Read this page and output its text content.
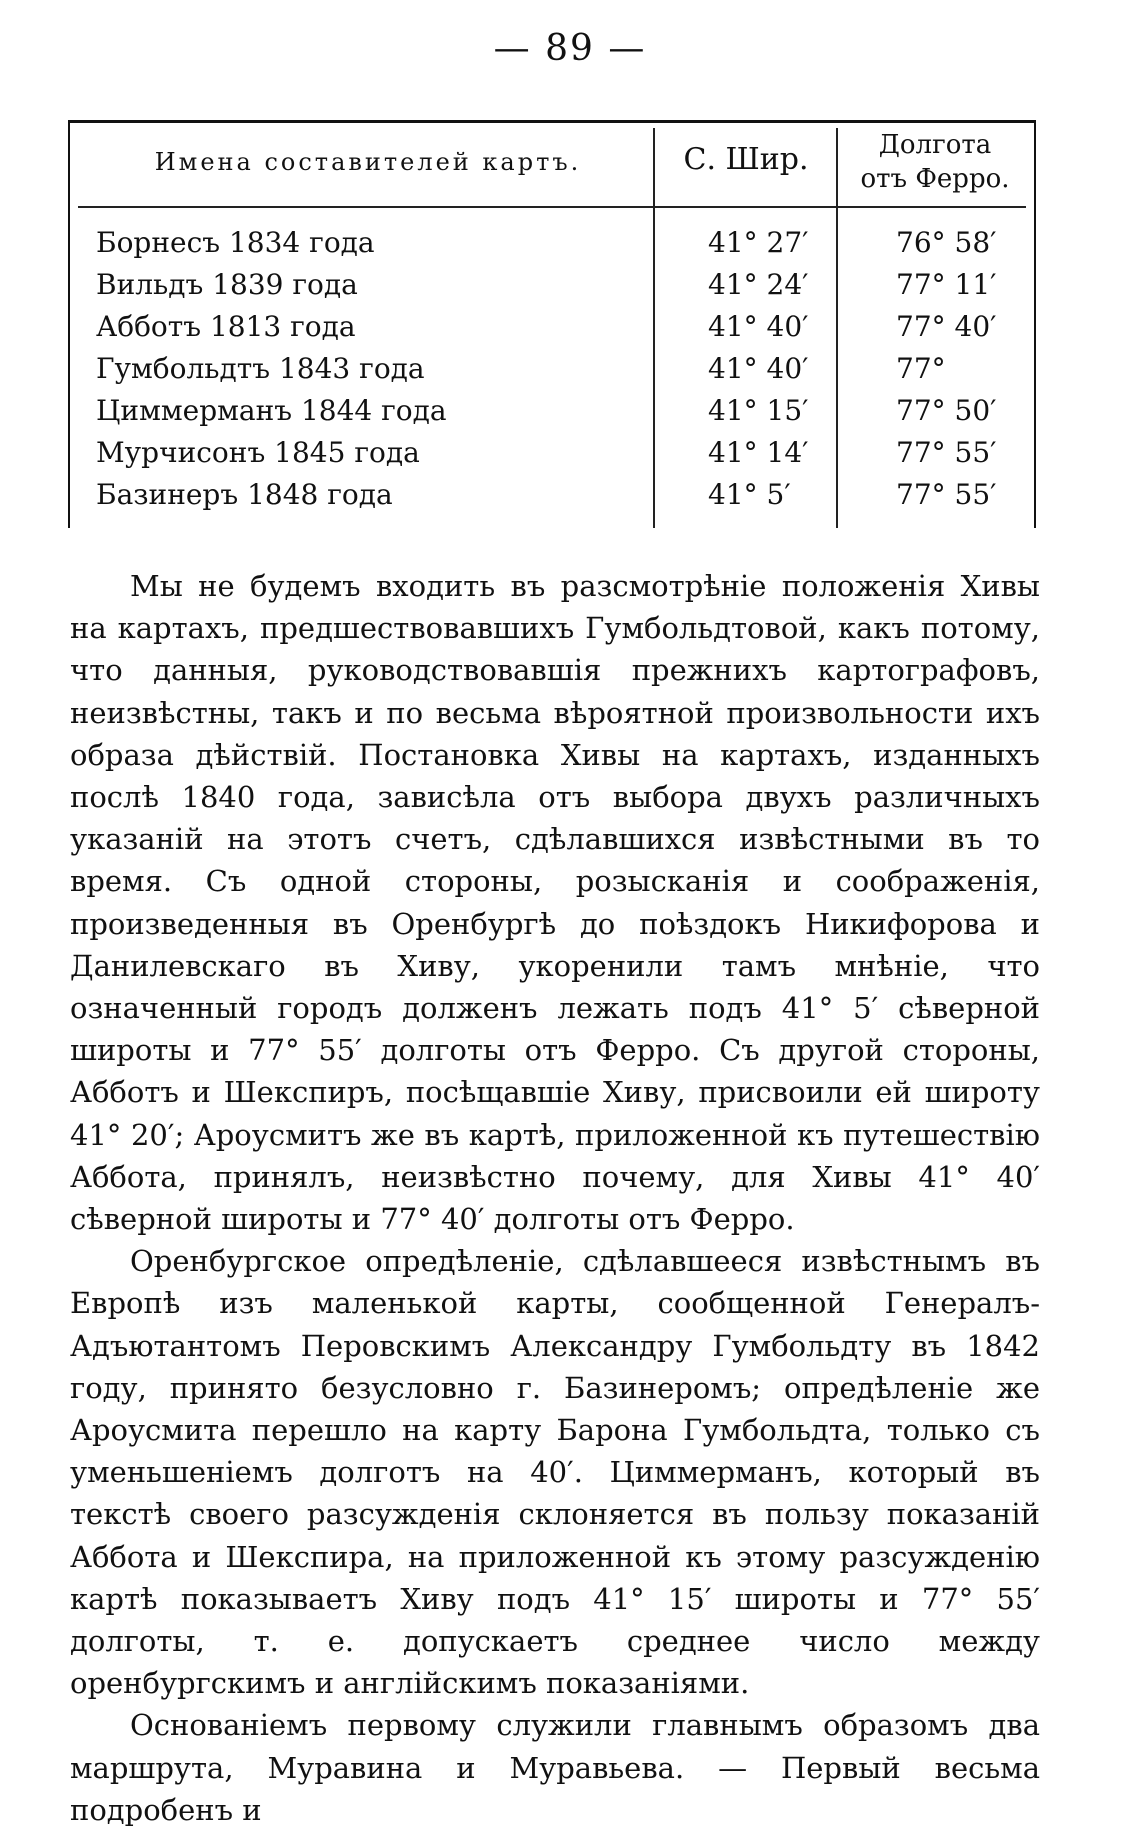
— 89 —
Имена составителей картъ.	С. Шир.	Долгота
отъ Ферро.
Борнесъ 1834 года	41° 27′	76° 58′
Вильдъ 1839 года	41° 24′	77° 11′
Абботъ 1813 года	41° 40′	77° 40′
Гумбольдтъ 1843 года	41° 40′	77°
Циммерманъ 1844 года	41° 15′	77° 50′
Мурчисонъ 1845 года	41° 14′	77° 55′
Базинеръ 1848 года	41° 5′	77° 55′

Мы не будемъ входить въ разсмотрѣніе положенія Хивы на картахъ, предшествовавшихъ Гумбольдтовой, какъ потому, что данныя, руководствовавшія прежнихъ картографовъ, неизвѣстны, такъ и по весьма вѣроятной произвольности ихъ образа дѣйствій. Постановка Хивы на картахъ, изданныхъ послѣ 1840 года, зависѣла отъ выбора двухъ различныхъ указаній на этотъ счетъ, сдѣлавшихся извѣстными въ то время. Съ одной стороны, розысканія и соображенія, произведенныя въ Оренбургѣ до поѣздокъ Никифорова и Данилевскаго въ Хиву, укоренили тамъ мнѣніе, что означенный городъ долженъ лежать подъ 41° 5′ сѣверной широты и 77° 55′ долготы отъ Ферро. Съ другой стороны, Абботъ и Шекспиръ, посѣщавшіе Хиву, присвоили ей широту 41° 20′; Ароусмитъ же въ картѣ, приложенной къ путешествію Аббота, принялъ, неизвѣстно почему, для Хивы 41° 40′ сѣверной широты и 77° 40′ долготы отъ Ферро.

Оренбургское опредѣленіе, сдѣлавшееся извѣстнымъ въ Европѣ изъ маленькой карты, сообщенной Генералъ-Адъютантомъ Перовскимъ Александру Гумбольдту въ 1842 году, принято безусловно г. Базинеромъ; опредѣленіе же Ароусмита перешло на карту Барона Гумбольдта, только съ уменьшеніемъ долготъ на 40′. Циммерманъ, который въ текстѣ своего разсужденія склоняется въ пользу показаній Аббота и Шекспира, на приложенной къ этому разсужденію картѣ показываетъ Хиву подъ 41° 15′ широты и 77° 55′ долготы, т. е. допускаетъ среднее число между оренбургскимъ и англійскимъ показаніями.

Основаніемъ первому служили главнымъ образомъ два маршрута, Муравина и Муравьева. — Первый весьма подробенъ и
